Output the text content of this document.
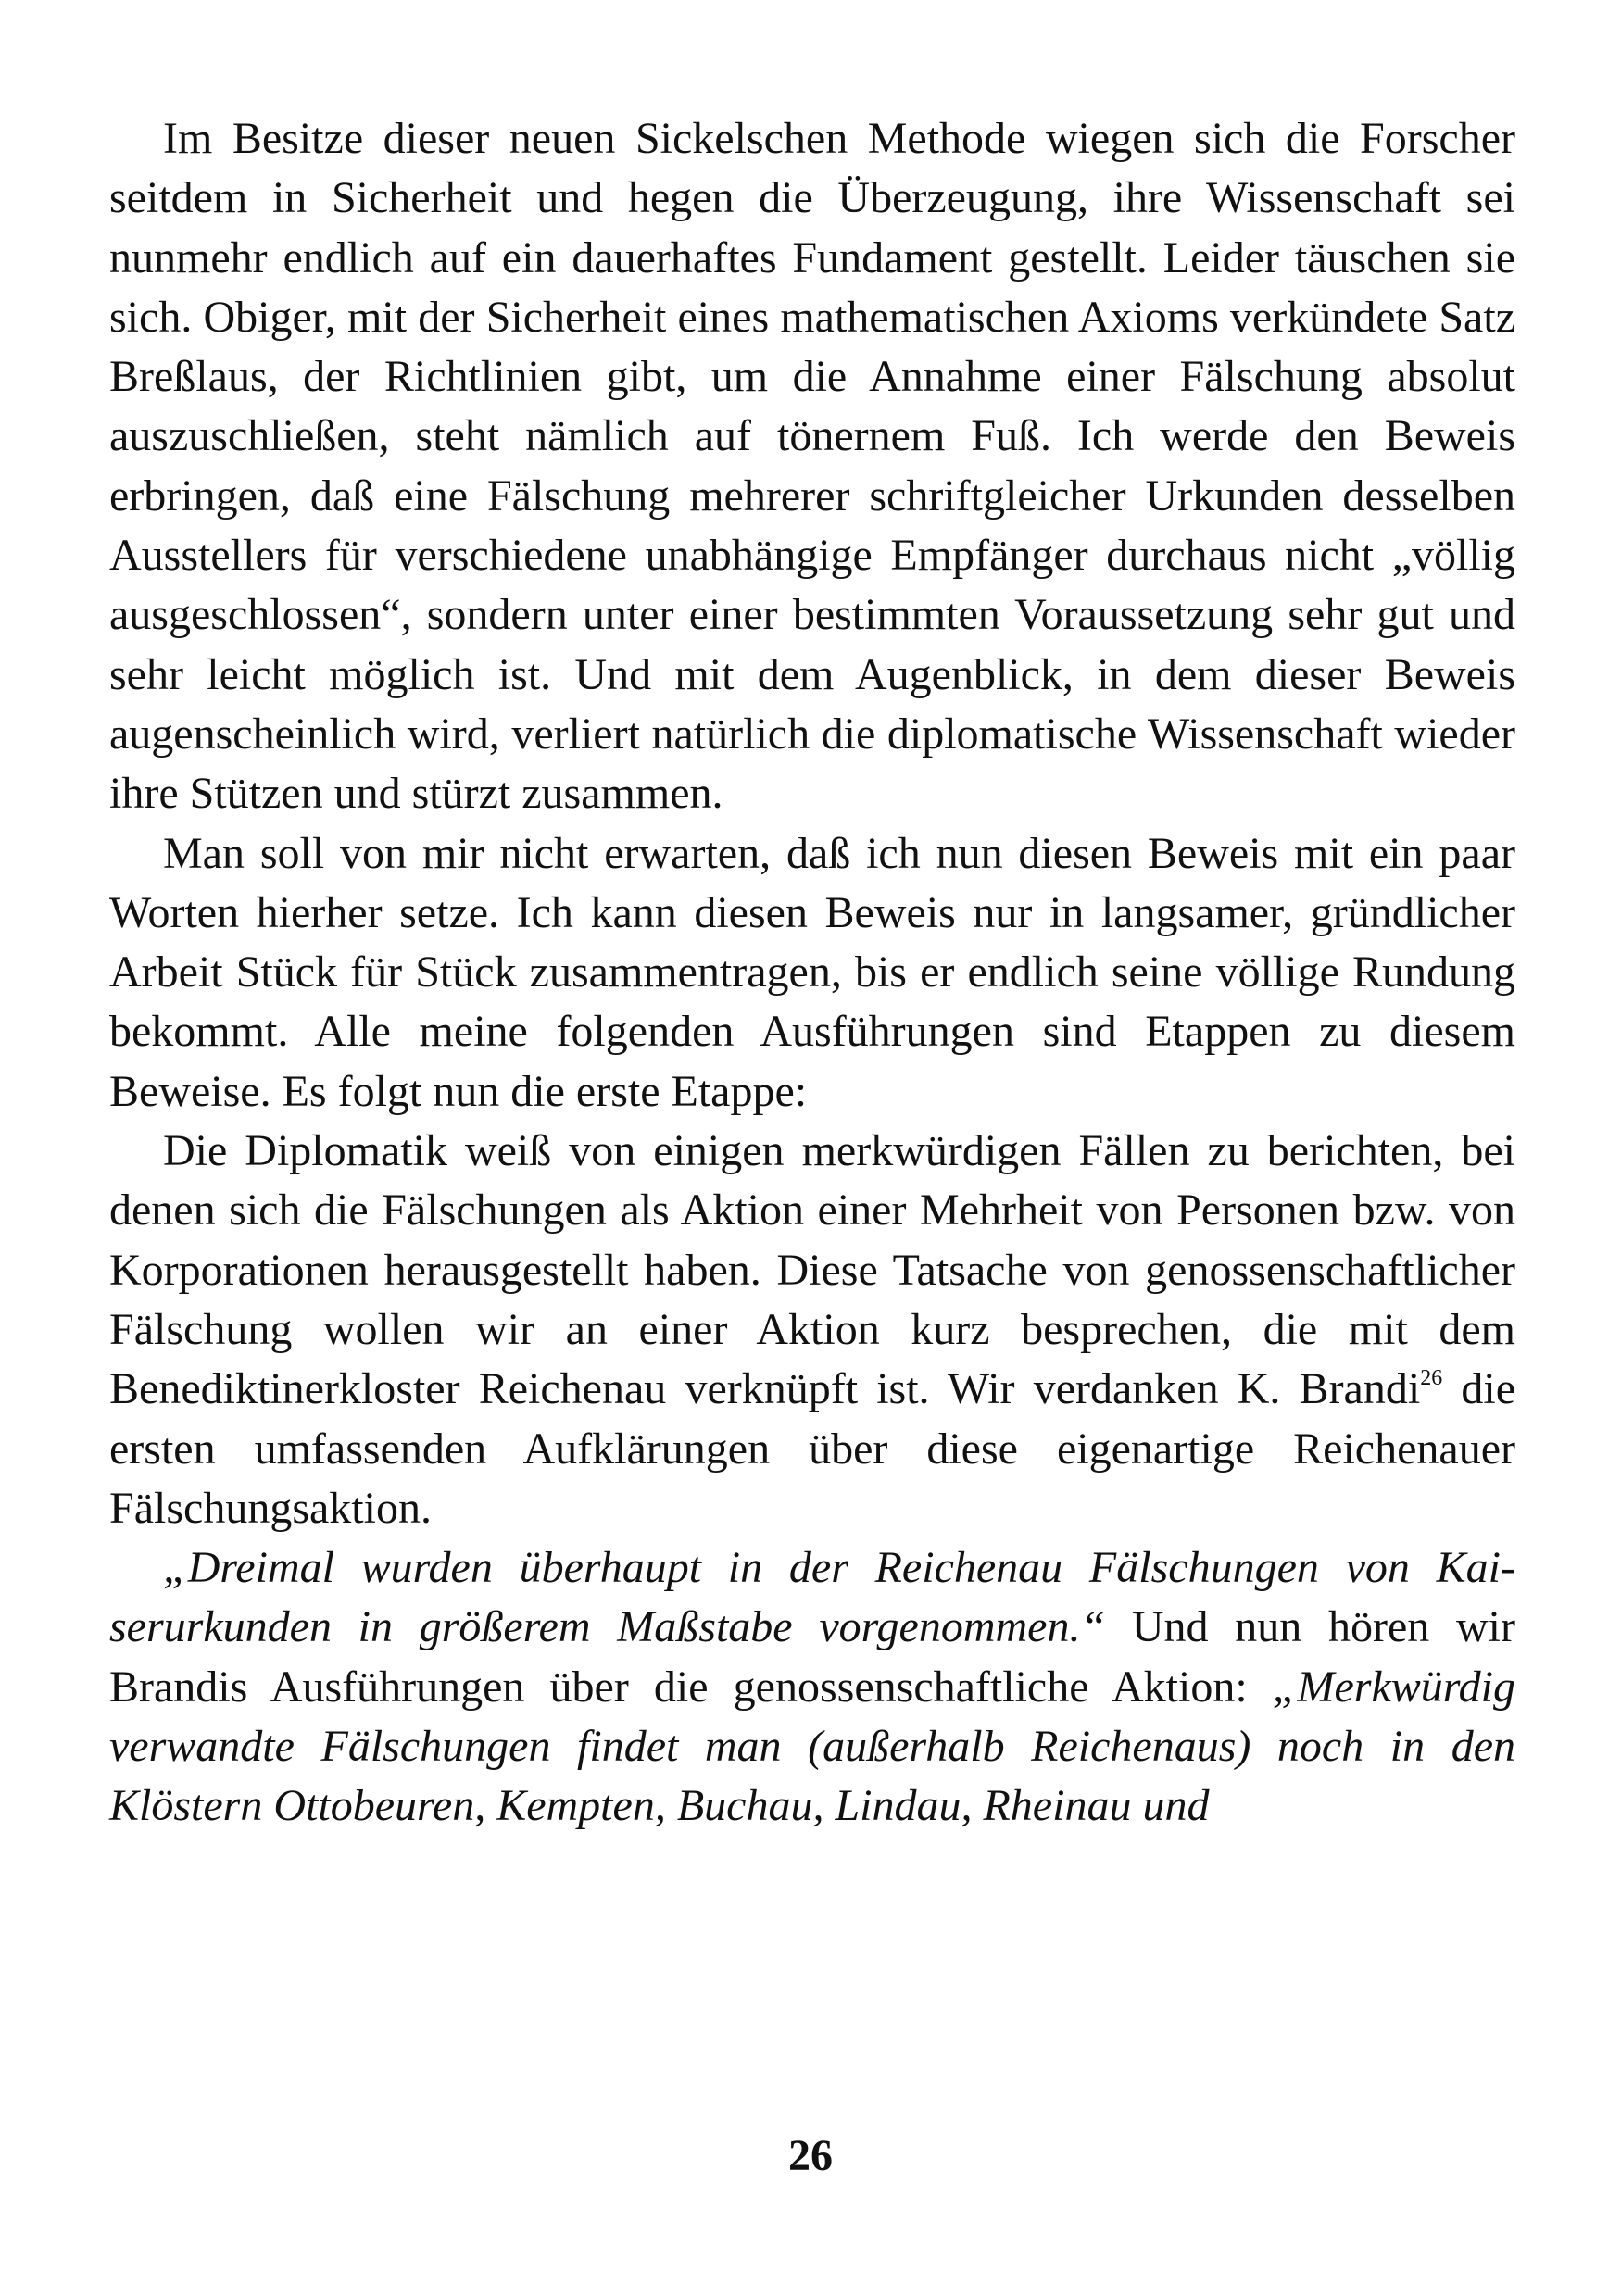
Im Besitze dieser neuen Sickelschen Methode wiegen sich die Forscher seitdem in Sicherheit und hegen die Überzeugung, ihre Wissenschaft sei nunmehr endlich auf ein dauerhaftes Fundament gestellt. Leider täuschen sie sich. Obiger, mit der Sicherheit eines mathematischen Axioms verkündete Satz Breßlaus, der Richtlinien gibt, um die Annahme einer Fälschung absolut auszuschließen, steht nämlich auf tönernem Fuß. Ich werde den Beweis erbringen, daß eine Fälschung mehrerer schriftgleicher Urkunden desselben Ausstellers für verschiedene unabhängige Empfänger durchaus nicht „völlig ausgeschlossen“, sondern unter einer bestimmten Voraussetzung sehr gut und sehr leicht möglich ist. Und mit dem Augenblick, in dem dieser Beweis augenscheinlich wird, verliert natürlich die diplomatische Wissenschaft wieder ihre Stützen und stürzt zusammen.

Man soll von mir nicht erwarten, daß ich nun diesen Beweis mit ein paar Worten hierher setze. Ich kann diesen Beweis nur in langsamer, gründlicher Arbeit Stück für Stück zusammentragen, bis er endlich seine völlige Rundung bekommt. Alle meine folgenden Ausführungen sind Etappen zu diesem Beweise. Es folgt nun die erste Etappe:

Die Diplomatik weiß von einigen merkwürdigen Fällen zu berichten, bei denen sich die Fälschungen als Aktion einer Mehrheit von Personen bzw. von Korporationen herausgestellt haben. Diese Tatsache von genossenschaftlicher Fälschung wollen wir an einer Aktion kurz besprechen, die mit dem Benediktinerkloster Reichenau verknüpft ist. Wir verdanken K. Brandi$^{26}$ die ersten umfassenden Aufklärungen über diese eigenartige Reichenauer Fälschungsaktion.

„Dreimal wurden überhaupt in der Reichenau Fälschungen von Kaiserurkunden in größerem Maßstabe vorgenommen.“ Und nun hören wir Brandis Ausführungen über die genossenschaftliche Aktion: „Merkwürdig verwandte Fälschungen findet man (außerhalb Reichenaus) noch in den Klöstern Ottobeuren, Kempten, Buchau, Lindau, Rheinau und

26
